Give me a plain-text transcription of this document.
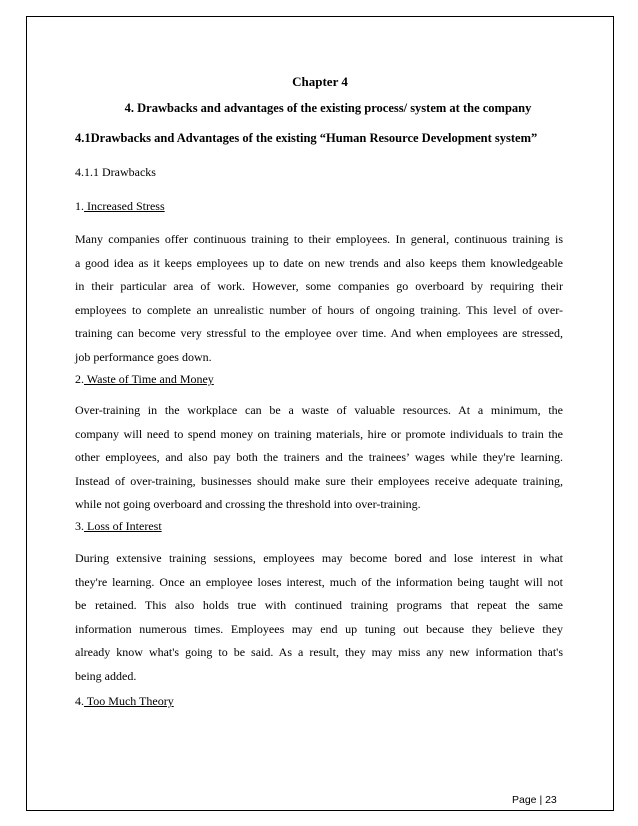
Chapter 4
4. Drawbacks and advantages of the existing process/ system at the company
4.1Drawbacks and Advantages of the existing “Human Resource Development system”
4.1.1 Drawbacks
1. Increased Stress
Many companies offer continuous training to their employees. In general, continuous training is
a good idea as it keeps employees up to date on new trends and also keeps them knowledgeable
in their particular area of work. However, some companies go overboard by requiring their
employees to complete an unrealistic number of hours of ongoing training. This level of over-
training can become very stressful to the employee over time. And when employees are stressed,
job performance goes down.
2. Waste of Time and Money
Over-training in the workplace can be a waste of valuable resources. At a minimum, the
company will need to spend money on training materials, hire or promote individuals to train the
other employees, and also pay both the trainers and the trainees’ wages while they're learning.
Instead of over-training, businesses should make sure their employees receive adequate training,
while not going overboard and crossing the threshold into over-training.
3. Loss of Interest
During extensive training sessions, employees may become bored and lose interest in what
they're learning. Once an employee loses interest, much of the information being taught will not
be retained. This also holds true with continued training programs that repeat the same
information numerous times. Employees may end up tuning out because they believe they
already know what's going to be said. As a result, they may miss any new information that's
being added.
4. Too Much Theory
Page | 23
